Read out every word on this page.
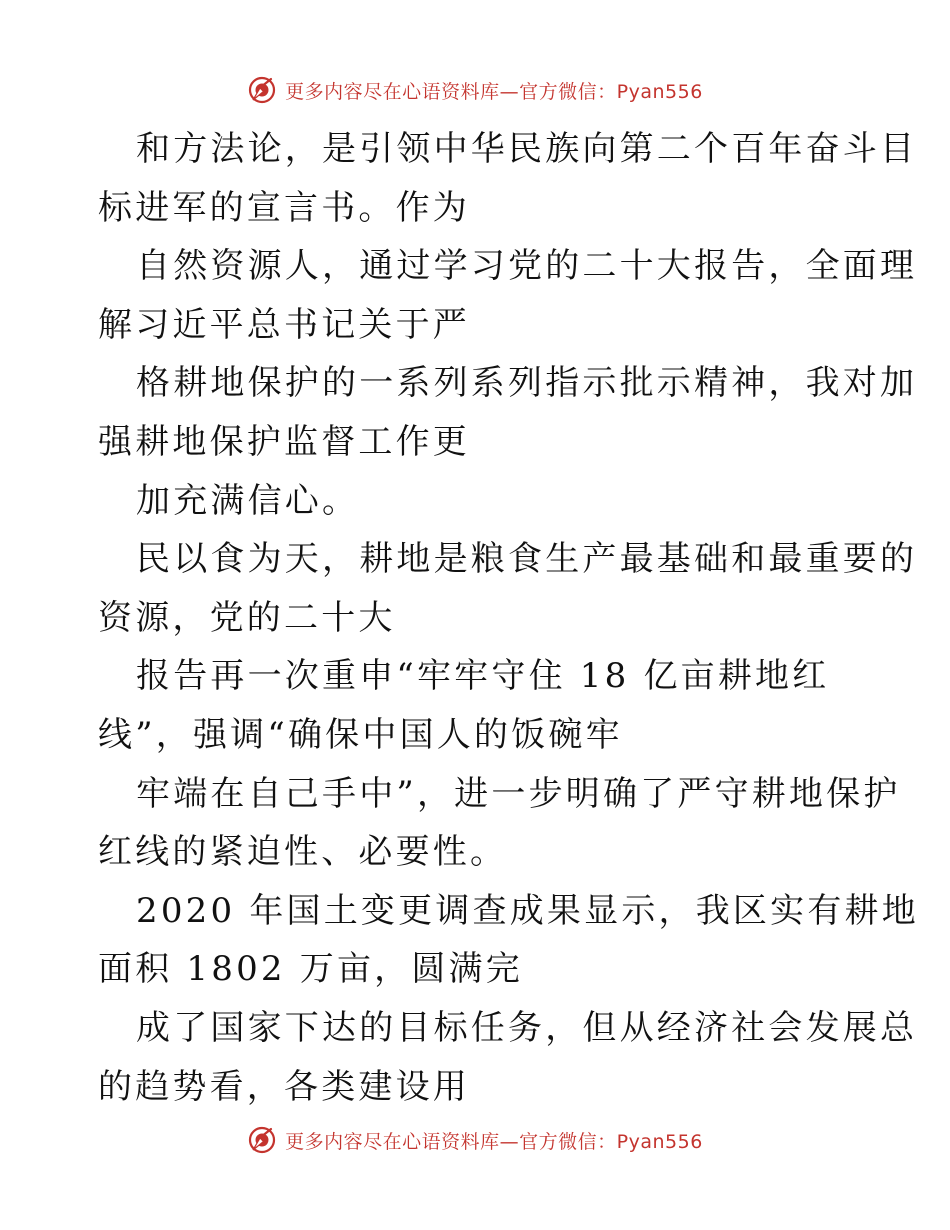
更多内容尽在心语资料库—官方微信：Pyan556
和方法论，是引领中华民族向第二个百年奋斗目
标进军的宣言书。作为
自然资源人，通过学习党的二十大报告，全面理
解习近平总书记关于严
格耕地保护的一系列系列指示批示精神，我对加
强耕地保护监督工作更
加充满信心。
民以食为天，耕地是粮食生产最基础和最重要的
资源，党的二十大
报告再一次重申“牢牢守住 18 亿亩耕地红
线”，强调“确保中国人的饭碗牢
牢端在自己手中”，进一步明确了严守耕地保护
红线的紧迫性、必要性。
2020 年国土变更调查成果显示，我区实有耕地
面积 1802 万亩，圆满完
成了国家下达的目标任务，但从经济社会发展总
的趋势看，各类建设用
更多内容尽在心语资料库—官方微信：Pyan556
